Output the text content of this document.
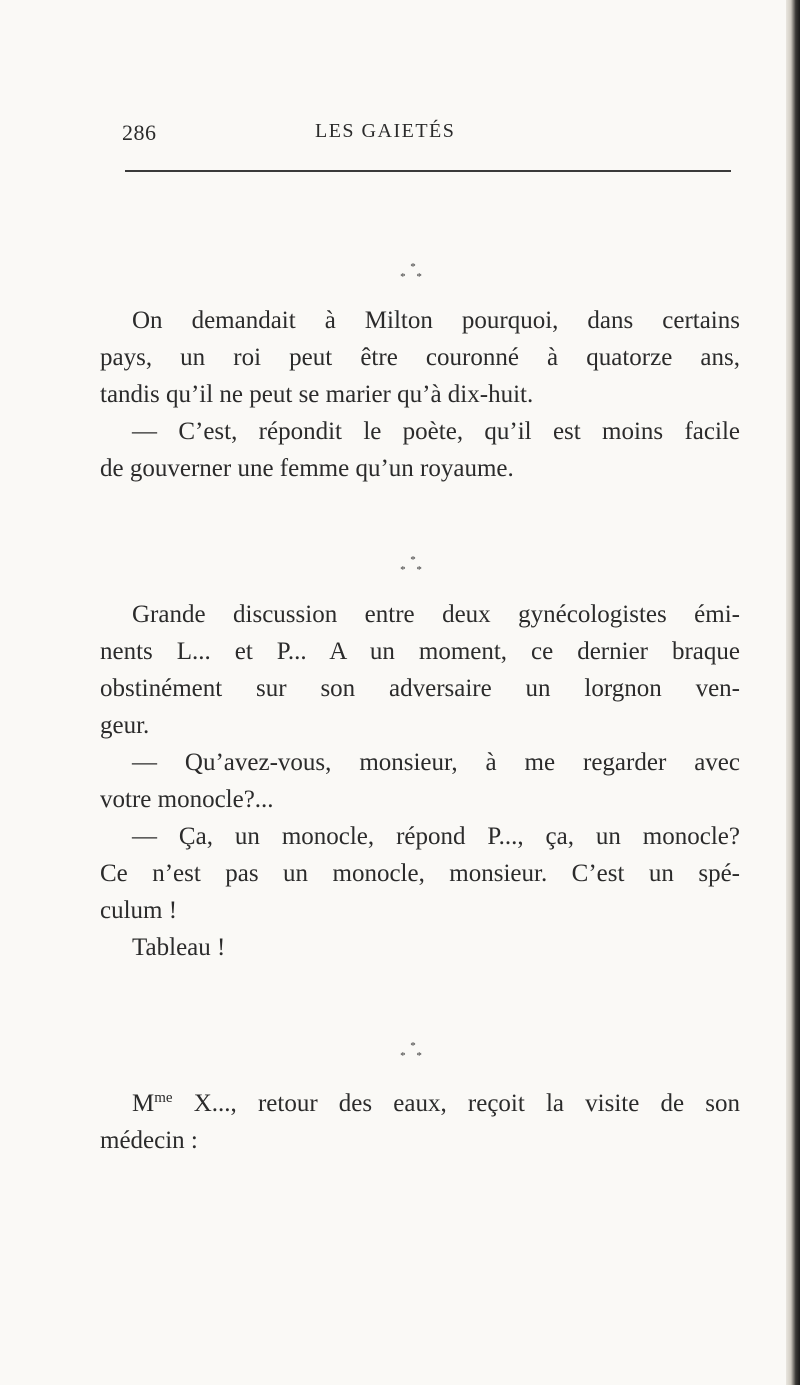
286	LES GAIETÉS
*
* *

On demandait à Milton pourquoi, dans certains

pays, un roi peut être couronné à quatorze ans,

tandis qu’il ne peut se marier qu’à dix-huit.

— C’est, répondit le poète, qu’il est moins facile

de gouverner une femme qu’un royaume.

*
* *

Grande discussion entre deux gynécologistes émi-

nents L... et P... A un moment, ce dernier braque

obstinément sur son adversaire un lorgnon ven-

geur.

— Qu’avez-vous, monsieur, à me regarder avec

votre monocle?...

— Ça, un monocle, répond P..., ça, un monocle?

Ce n’est pas un monocle, monsieur. C’est un spé-

culum !

Tableau !

*
* *

$M^{me}$ X..., retour des eaux, reçoit la visite de son

médecin :
